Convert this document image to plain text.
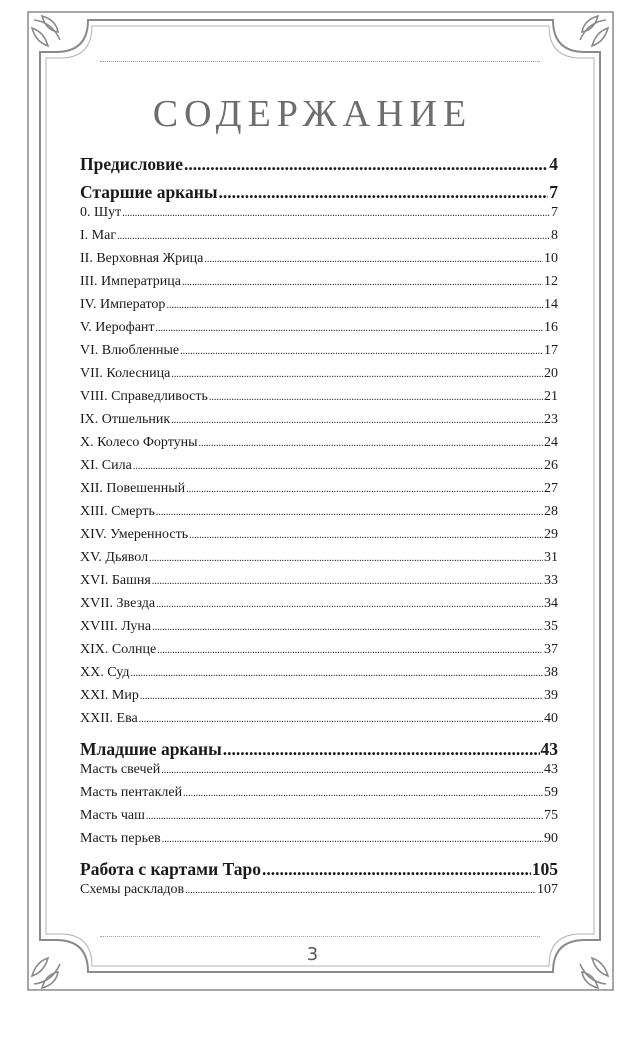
СОДЕРЖАНИЕ
Предисловие .....	4
Старшие арканы .....	7
0. Шут .....	7
I. Маг .....	8
II. Верховная Жрица .....	10
III. Императрица .....	12
IV. Император .....	14
V. Иерофант .....	16
VI. Влюбленные .....	17
VII. Колесница .....	20
VIII. Справедливость .....	21
IX. Отшельник .....	23
X. Колесо Фортуны .....	24
XI. Сила .....	26
XII. Повешенный .....	27
XIII. Смерть .....	28
XIV. Умеренность .....	29
XV. Дьявол .....	31
XVI. Башня .....	33
XVII. Звезда .....	34
XVIII. Луна .....	35
XIX. Солнце .....	37
XX. Суд .....	38
XXI. Мир .....	39
XXII. Ева .....	40
Младшие арканы .....	43
Масть свечей .....	43
Масть пентаклей .....	59
Масть чаш .....	75
Масть перьев .....	90
Работа с картами Таро .....	105
Схемы раскладов .....	107
3
